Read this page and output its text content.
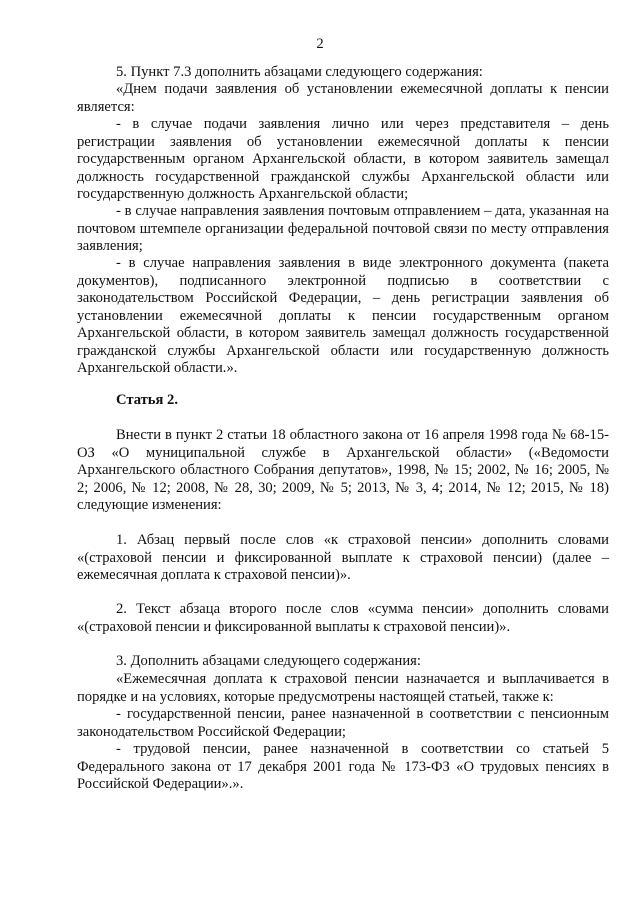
2

5. Пункт 7.3 дополнить абзацами следующего содержания:

«Днем подачи заявления об установлении ежемесячной доплаты к пенсии является:

- в случае подачи заявления лично или через представителя – день регистрации заявления об установлении ежемесячной доплаты к пенсии государственным органом Архангельской области, в котором заявитель замещал должность государственной гражданской службы Архангельской области или государственную должность Архангельской области;

- в случае направления заявления почтовым отправлением – дата, указанная на почтовом штемпеле организации федеральной почтовой связи по месту отправления заявления;

- в случае направления заявления в виде электронного документа (пакета документов), подписанного электронной подписью в соответствии с законодательством Российской Федерации, – день регистрации заявления об установлении ежемесячной доплаты к пенсии государственным органом Архангельской области, в котором заявитель замещал должность государственной гражданской службы Архангельской области или государственную должность Архангельской области.».

Статья 2.

Внести в пункт 2 статьи 18 областного закона от 16 апреля 1998 года № 68-15-ОЗ «О муниципальной службе в Архангельской области» («Ведомости Архангельского областного Собрания депутатов», 1998, № 15; 2002, № 16; 2005, № 2; 2006, № 12; 2008, № 28, 30; 2009, № 5; 2013, № 3, 4; 2014, № 12; 2015, № 18) следующие изменения:

1. Абзац первый после слов «к страховой пенсии» дополнить словами «(страховой пенсии и фиксированной выплате к страховой пенсии) (далее – ежемесячная доплата к страховой пенсии)».

2. Текст абзаца второго после слов «сумма пенсии» дополнить словами «(страховой пенсии и фиксированной выплаты к страховой пенсии)».

3. Дополнить абзацами следующего содержания:

«Ежемесячная доплата к страховой пенсии назначается и выплачивается в порядке и на условиях, которые предусмотрены настоящей статьей, также к:

- государственной пенсии, ранее назначенной в соответствии с пенсионным законодательством Российской Федерации;

- трудовой пенсии, ранее назначенной в соответствии со статьей 5 Федерального закона от 17 декабря 2001 года № 173-ФЗ «О трудовых пенсиях в Российской Федерации».».
